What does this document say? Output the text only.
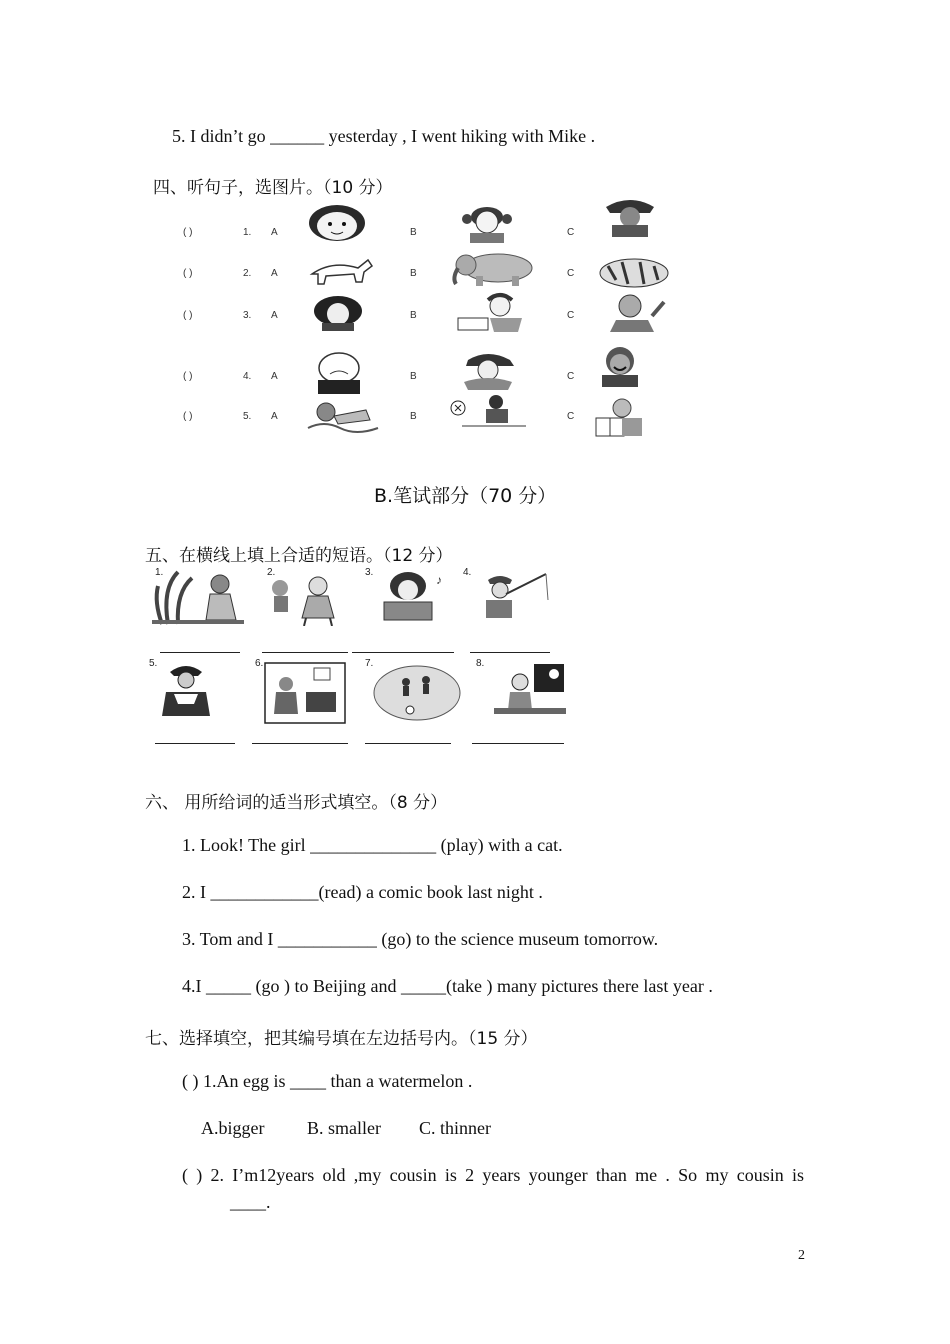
5. I didn’t go ______ yesterday , I went hiking with Mike .
四、听句子，选图片。（10 分）
( )	1. A	B	C
( )	2. A	B	C
( )	3. A	B	C
( )	4. A	B	C
( )	5. A	B	C
B.笔试部分（70 分）
五、在横线上填上合适的短语。（12 分）
1.	2.	3.
♪
4.
5.	6.	7.	8.
六、 用所给词的适当形式填空。（8 分）
1. Look! The girl ______________ (play) with a cat.
2. I ____________(read) a comic book last night .
3. Tom and I ___________ (go) to the science museum tomorrow.
4.I _____ (go ) to Beijing and _____(take ) many pictures there last year .
七、选择填空，把其编号填在左边括号内。（15 分）
( ) 1.An egg is ____ than a watermelon .
A.bigger B. smaller C. thinner
( ) 2. I’m12years old ,my cousin is 2 years younger than me . So my cousin is
____.
2
